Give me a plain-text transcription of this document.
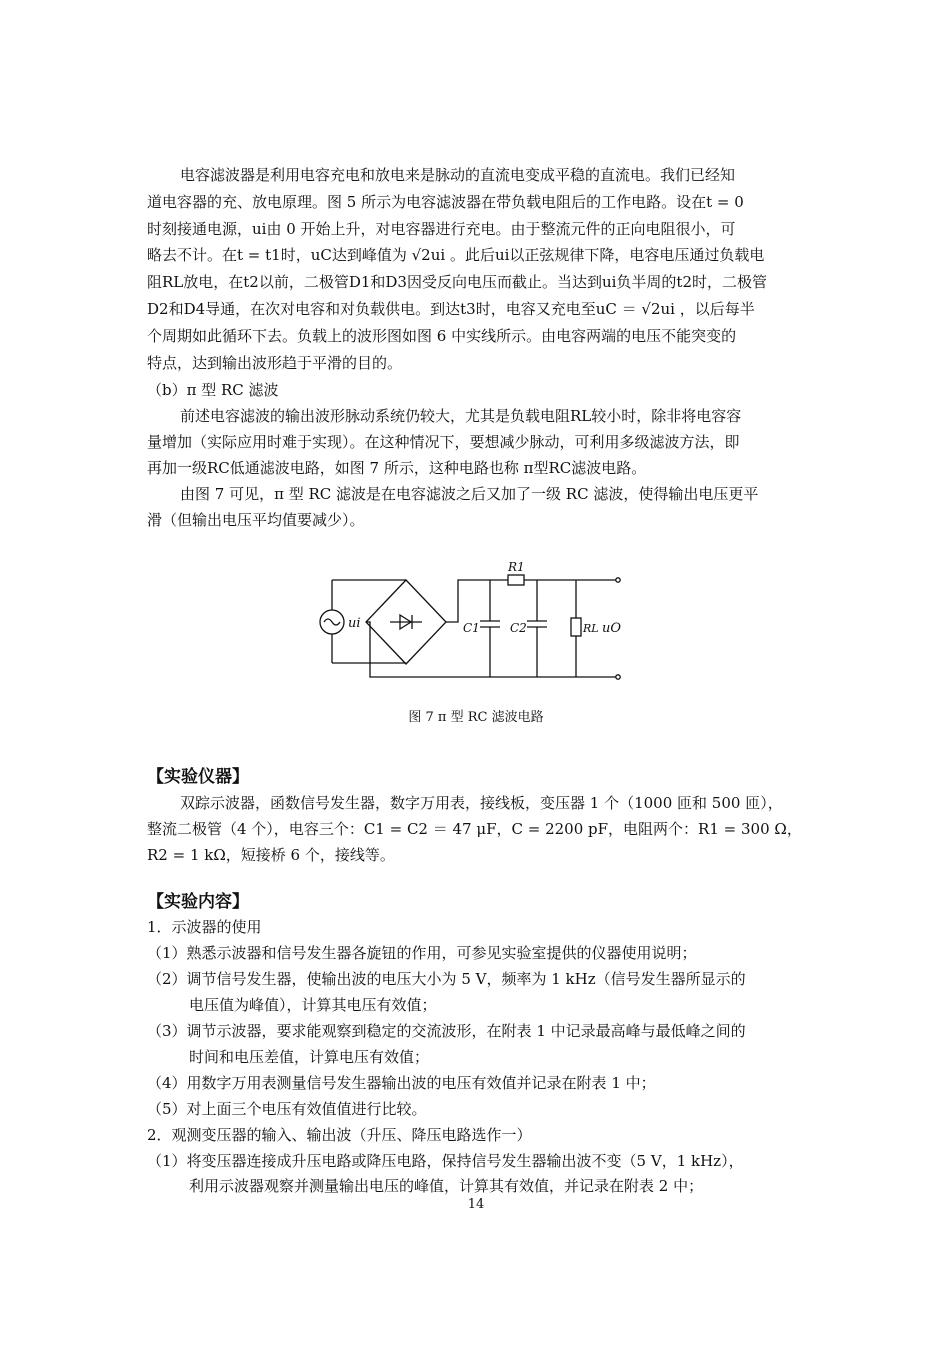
电容滤波器是利用电容充电和放电来是脉动的直流电变成平稳的直流电。我们已经知
道电容器的充、放电原理。图 5 所示为电容滤波器在带负载电阻后的工作电路。设在t = 0
时刻接通电源，ui由 0 开始上升，对电容器进行充电。由于整流元件的正向电阻很小，可
略去不计。在t = t1时，uC达到峰值为 √2ui 。此后ui以正弦规律下降，电容电压通过负载电
阻RL放电，在t2以前，二极管D1和D3因受反向电压而截止。当达到ui负半周的t2时，二极管
D2和D4导通，在次对电容和对负载供电。到达t3时，电容又充电至uC ＝ √2ui ，以后每半
个周期如此循环下去。负载上的波形图如图 6 中实线所示。由电容两端的电压不能突变的
特点，达到输出波形趋于平滑的目的。
（b）π 型 RC 滤波
前述电容滤波的输出波形脉动系统仍较大，尤其是负载电阻RL较小时，除非将电容容
量增加（实际应用时难于实现）。在这种情况下，要想减少脉动，可利用多级滤波方法，即
再加一级RC低通滤波电路，如图 7 所示，这种电路也称 π型RC滤波电路。
由图 7 可见，π 型 RC 滤波是在电容滤波之后又加了一级 RC 滤波，使得输出电压更平
滑（但输出电压平均值要减少）。
R1
ui	C1	C2	RL uO
图 7 π 型 RC 滤波电路
【实验仪器】
双踪示波器，函数信号发生器，数字万用表，接线板，变压器 1 个（1000 匝和 500 匝），
整流二极管（4 个），电容三个：C1 = C2 ＝ 47 μF，C = 2200 pF，电阻两个：R1 = 300 Ω，
R2 = 1 kΩ，短接桥 6 个，接线等。
【实验内容】
1．示波器的使用
（1）熟悉示波器和信号发生器各旋钮的作用，可参见实验室提供的仪器使用说明；
（2）调节信号发生器，使输出波的电压大小为 5 V，频率为 1 kHz（信号发生器所显示的
电压值为峰值），计算其电压有效值；
（3）调节示波器，要求能观察到稳定的交流波形，在附表 1 中记录最高峰与最低峰之间的
时间和电压差值，计算电压有效值；
（4）用数字万用表测量信号发生器输出波的电压有效值并记录在附表 1 中；
（5）对上面三个电压有效值值进行比较。
2．观测变压器的输入、输出波（升压、降压电路选作一）
（1）将变压器连接成升压电路或降压电路，保持信号发生器输出波不变（5 V，1 kHz），
利用示波器观察并测量输出电压的峰值，计算其有效值，并记录在附表 2 中；
14
